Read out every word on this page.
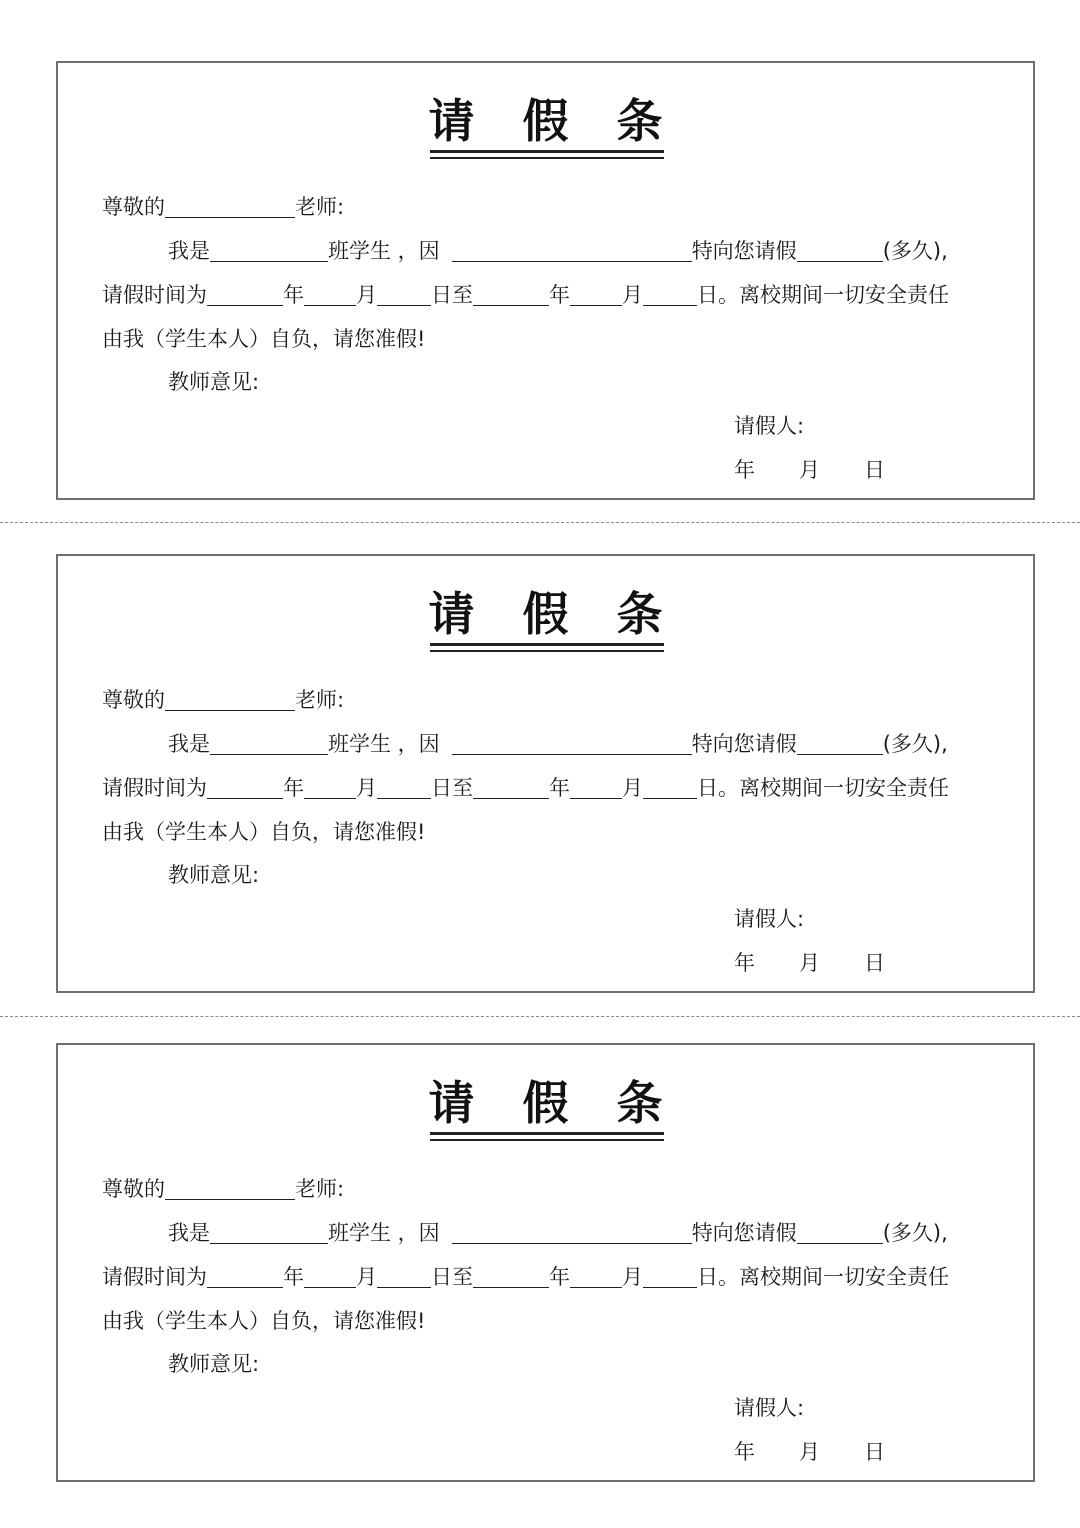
请 假 条
尊敬的	老师:
我是	班学生 ，因	特向您请假	(多久),
请假时间为	年 月	日至	年 月	日。离校期间一切安全责任
由我（学生本人）自负，请您准假!
教师意见:
请假人:
年 月 日
请 假 条
尊敬的	老师:
我是	班学生 ，因	特向您请假	(多久),
请假时间为	年 月	日至	年 月	日。离校期间一切安全责任
由我（学生本人）自负，请您准假!
教师意见:
请假人:
年 月 日
请 假 条
尊敬的	老师:
我是	班学生 ，因	特向您请假	(多久),
请假时间为	年 月	日至	年 月	日。离校期间一切安全责任
由我（学生本人）自负，请您准假!
教师意见:
请假人:
年 月 日
